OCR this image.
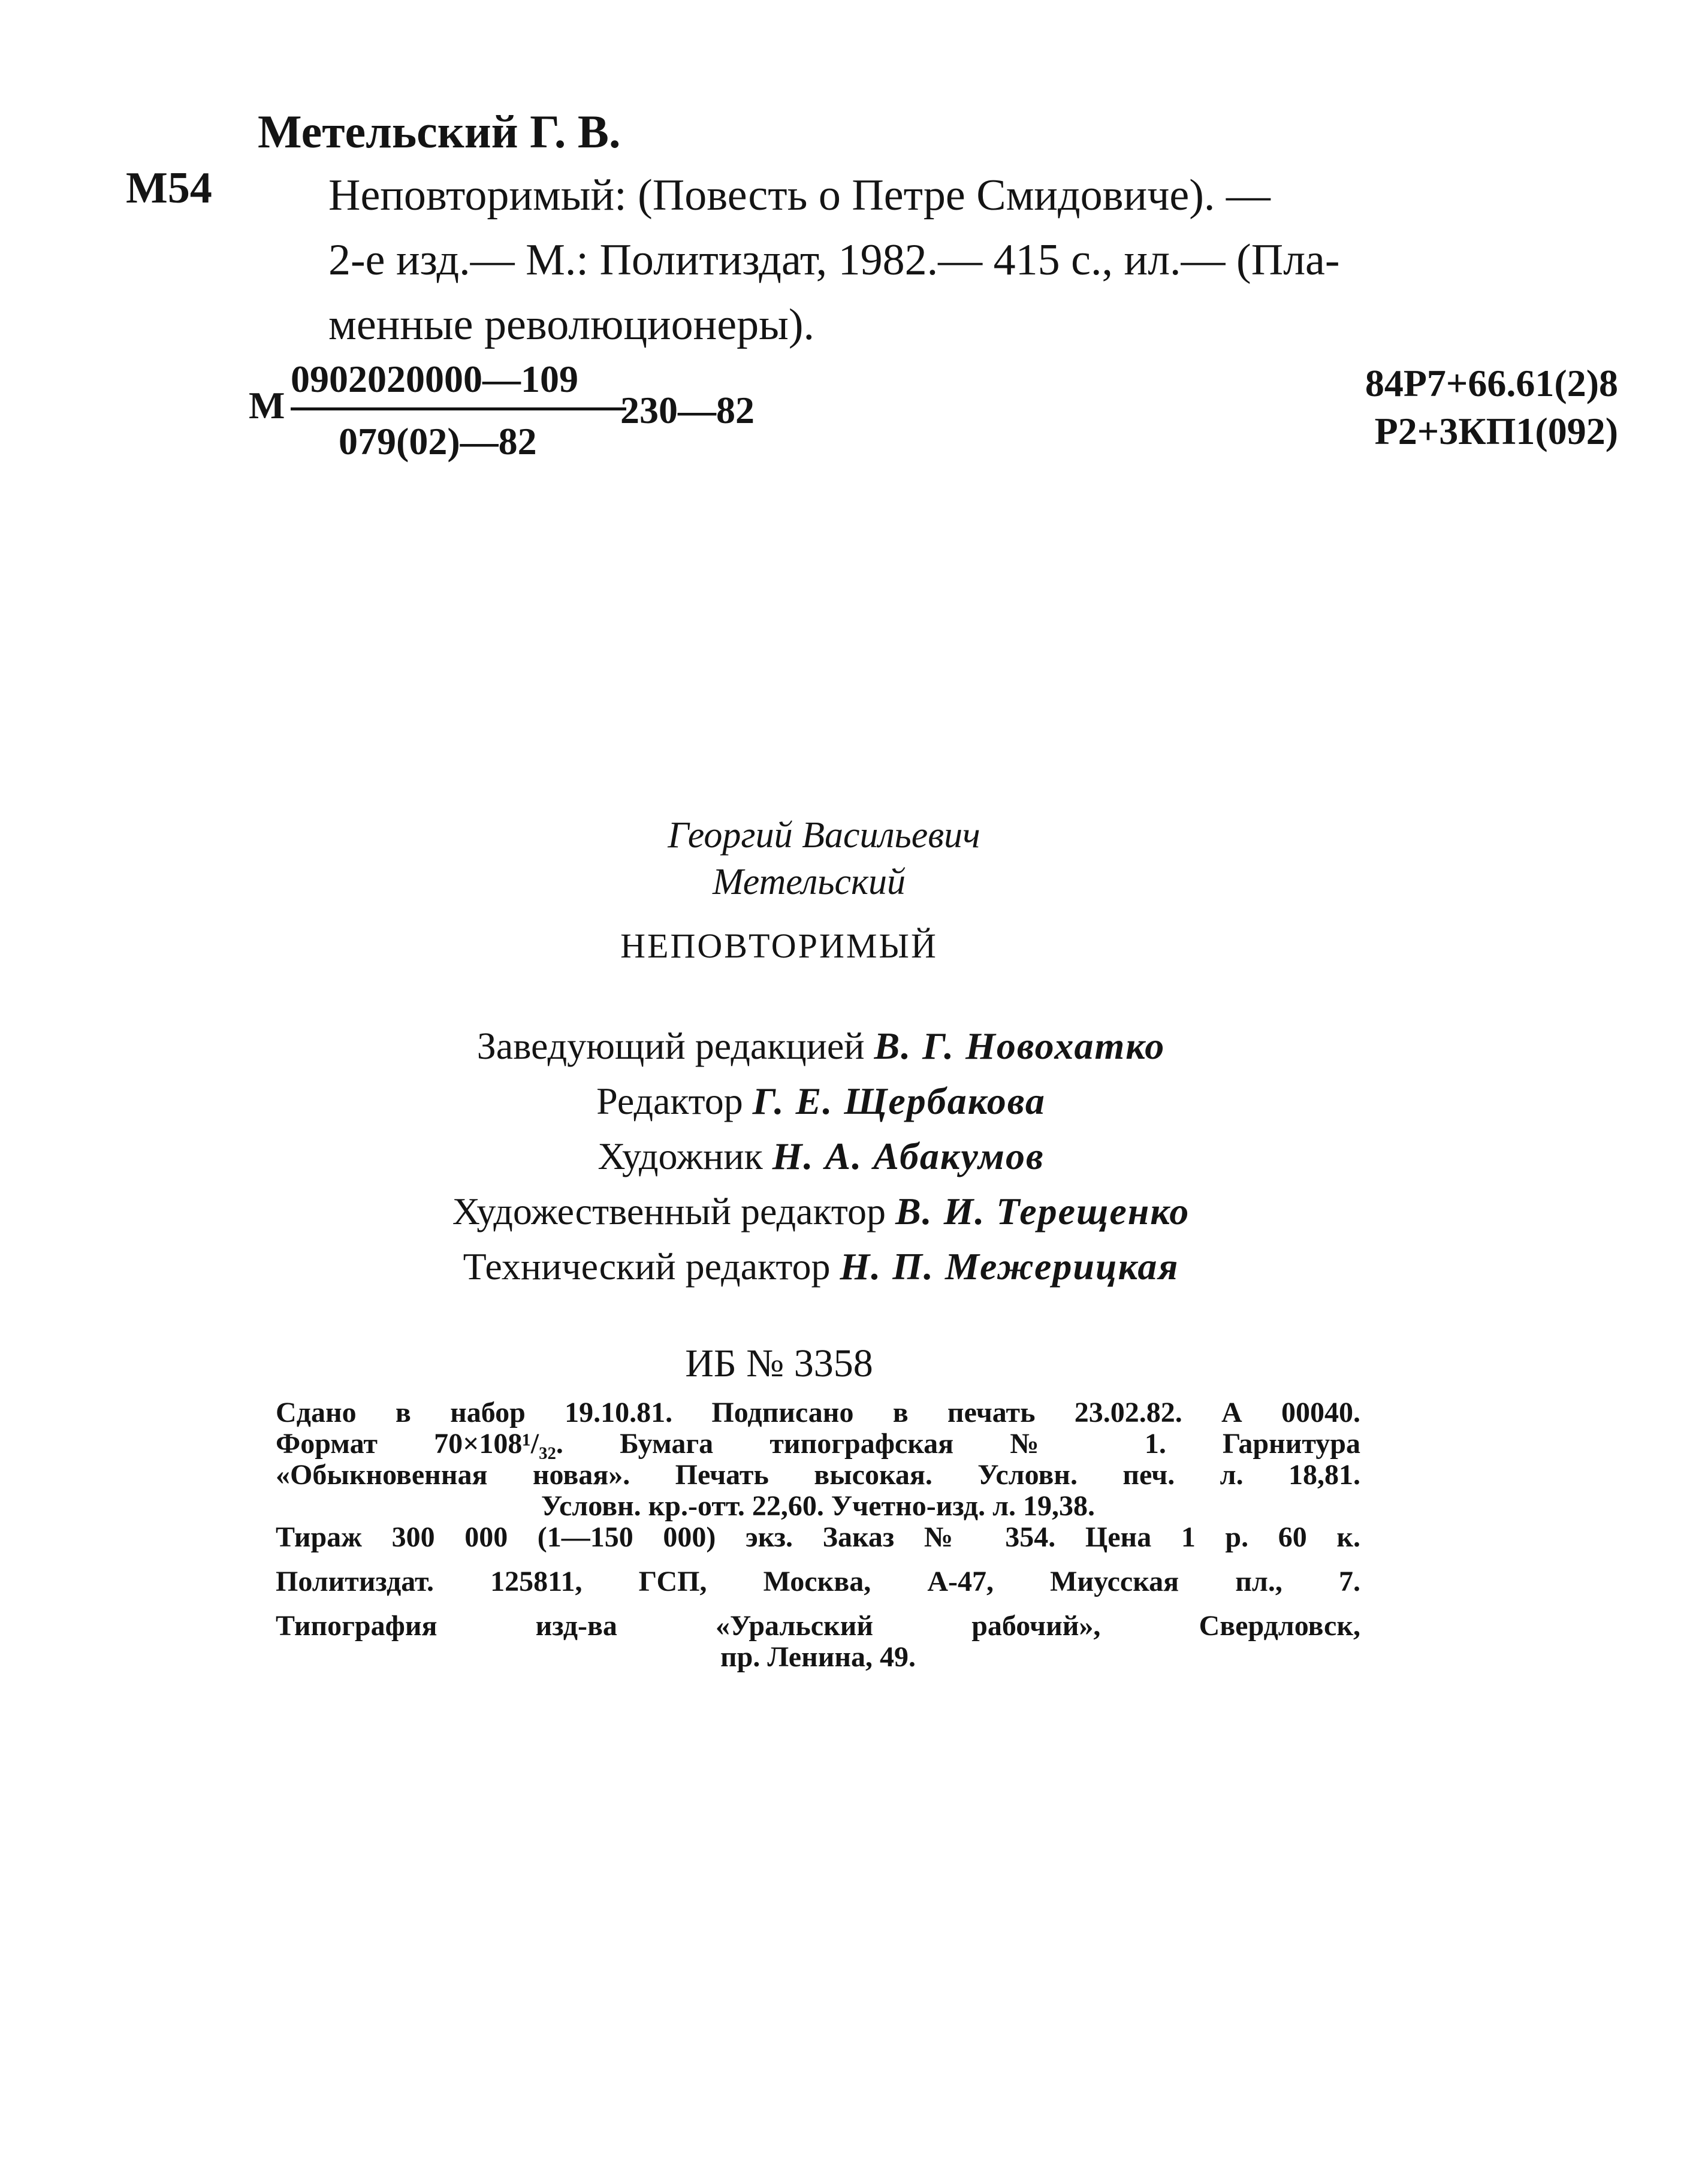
Метельский Г. В.
М54	Неповторимый: (Повесть о Петре Смидовиче). —
2-е изд.— М.: Политиздат, 1982.— 415 с., ил.— (Пла-
менные революционеры).
М
0902020000—109
079(02)—82
230—82
84Р7+66.61(2)8
Р2+3КП1(092)
Георгий Васильевич
Метельский
НЕПОВТОРИМЫЙ
Заведующий редакцией В. Г. Новохатко
Редактор Г. Е. Щербакова
Художник Н. А. Абакумов
Художественный редактор В. И. Терещенко
Технический редактор Н. П. Межерицкая
ИБ № 3358
Сдано в набор 19.10.81. Подписано в печать 23.02.82. А 00040.
Формат 70×108¹/₃₂. Бумага типографская № 1. Гарнитура
«Обыкновенная новая». Печать высокая. Условн. печ. л. 18,81.
Условн. кр.-отт. 22,60. Учетно-изд. л. 19,38.
Тираж 300 000 (1—150 000) экз. Заказ № 354. Цена 1 р. 60 к.
Политиздат. 125811, ГСП, Москва, А-47, Миусская пл., 7.
Типография изд-ва «Уральский рабочий», Свердловск,
пр. Ленина, 49.
